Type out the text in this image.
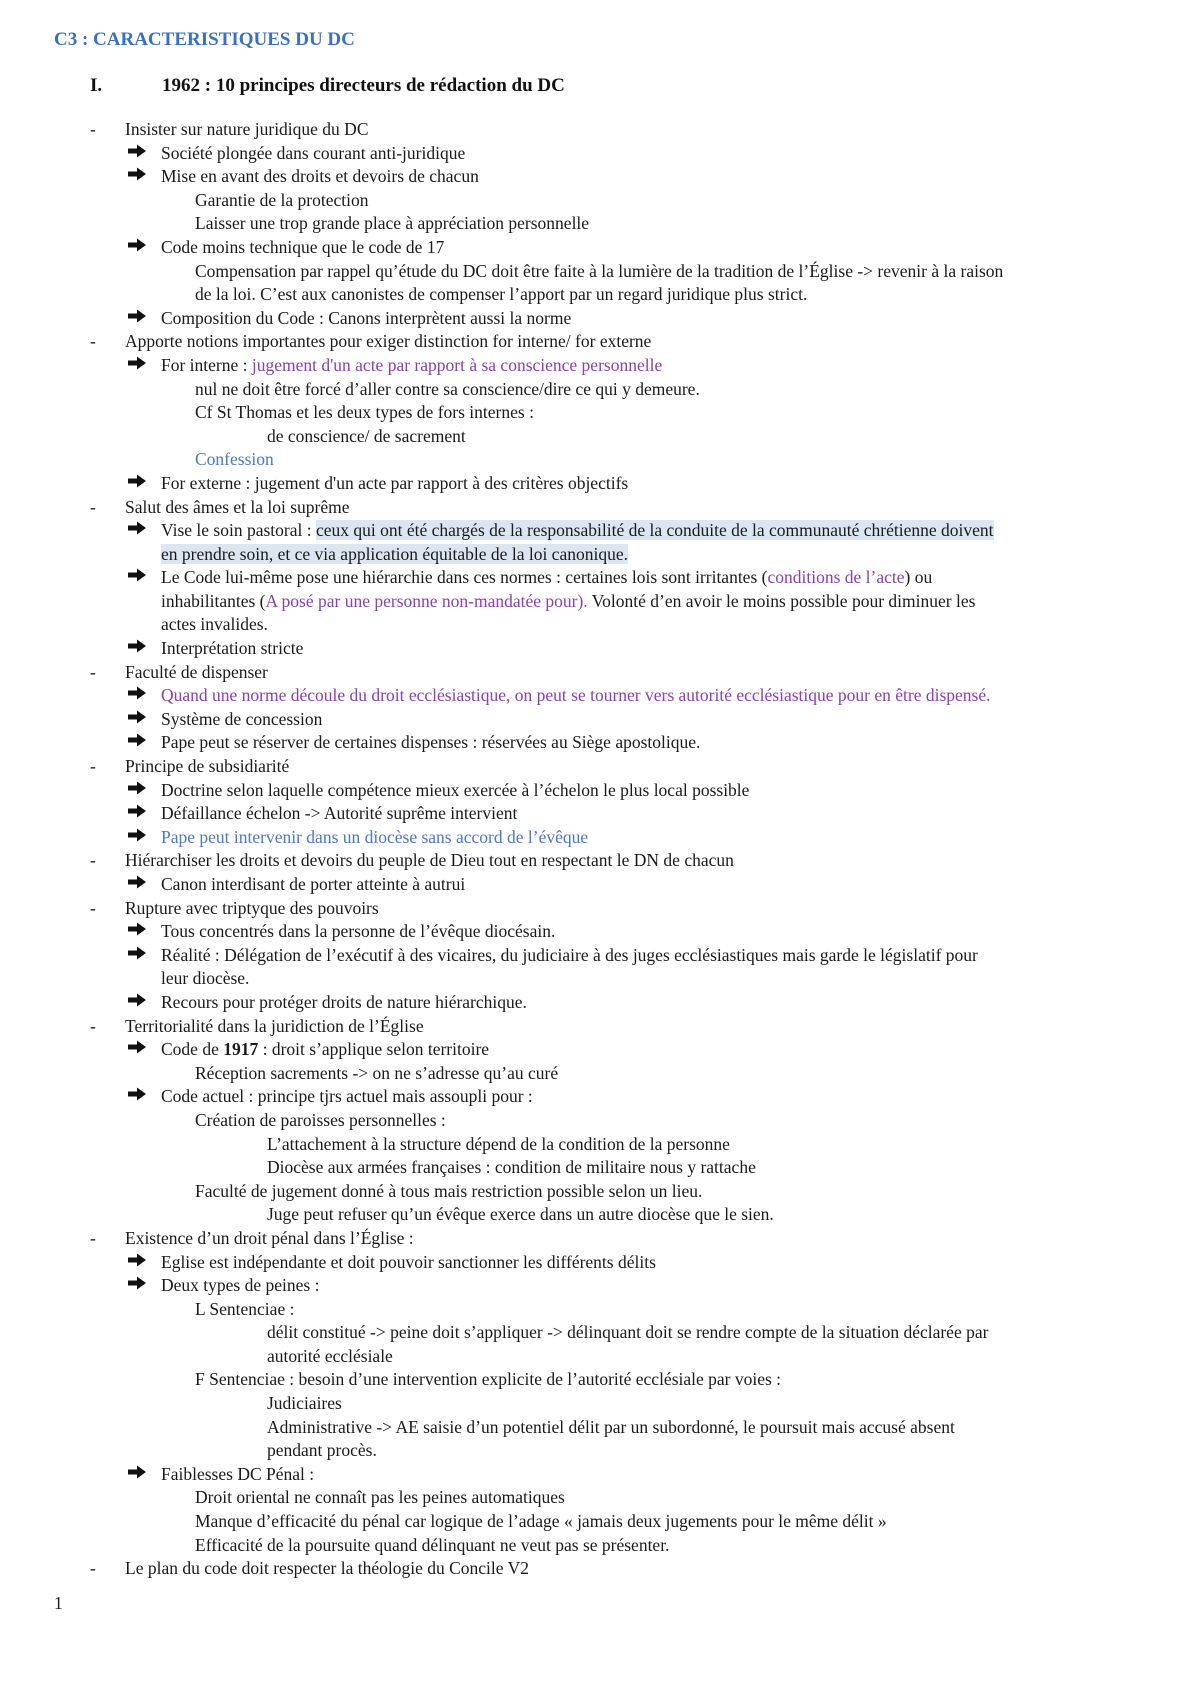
C3 : CARACTERISTIQUES DU DC
I.	1962 : 10 principes directeurs de rédaction du DC
- Insister sur nature juridique du DC
Société plongée dans courant anti-juridique
Mise en avant des droits et devoirs de chacun
Garantie de la protection
Laisser une trop grande place à appréciation personnelle
Code moins technique que le code de 17
Compensation par rappel qu’étude du DC doit être faite à la lumière de la tradition de l’Église -> revenir à la raison
de la loi. C’est aux canonistes de compenser l’apport par un regard juridique plus strict.
Composition du Code : Canons interprètent aussi la norme
- Apporte notions importantes pour exiger distinction for interne/ for externe
For interne : jugement d'un acte par rapport à sa conscience personnelle
nul ne doit être forcé d’aller contre sa conscience/dire ce qui y demeure.
Cf St Thomas et les deux types de fors internes :
de conscience/ de sacrement
Confession
For externe : jugement d'un acte par rapport à des critères objectifs
- Salut des âmes et la loi suprême
Vise le soin pastoral : ceux qui ont été chargés de la responsabilité de la conduite de la communauté chrétienne doivent
en prendre soin, et ce via application équitable de la loi canonique.
Le Code lui-même pose une hiérarchie dans ces normes : certaines lois sont irritantes (conditions de l’acte) ou
inhabilitantes (A posé par une personne non-mandatée pour). Volonté d’en avoir le moins possible pour diminuer les
actes invalides.
Interprétation stricte
- Faculté de dispenser
Quand une norme découle du droit ecclésiastique, on peut se tourner vers autorité ecclésiastique pour en être dispensé.
Système de concession
Pape peut se réserver de certaines dispenses : réservées au Siège apostolique.
- Principe de subsidiarité
Doctrine selon laquelle compétence mieux exercée à l’échelon le plus local possible
Défaillance échelon -> Autorité suprême intervient
Pape peut intervenir dans un diocèse sans accord de l’évêque
- Hiérarchiser les droits et devoirs du peuple de Dieu tout en respectant le DN de chacun
Canon interdisant de porter atteinte à autrui
- Rupture avec triptyque des pouvoirs
Tous concentrés dans la personne de l’évêque diocésain.
Réalité : Délégation de l’exécutif à des vicaires, du judiciaire à des juges ecclésiastiques mais garde le législatif pour
leur diocèse.
Recours pour protéger droits de nature hiérarchique.
- Territorialité dans la juridiction de l’Église
Code de 1917 : droit s’applique selon territoire
Réception sacrements -> on ne s’adresse qu’au curé
Code actuel : principe tjrs actuel mais assoupli pour :
Création de paroisses personnelles :
L’attachement à la structure dépend de la condition de la personne
Diocèse aux armées françaises : condition de militaire nous y rattache
Faculté de jugement donné à tous mais restriction possible selon un lieu.
Juge peut refuser qu’un évêque exerce dans un autre diocèse que le sien.
- Existence d’un droit pénal dans l’Église :
Eglise est indépendante et doit pouvoir sanctionner les différents délits
Deux types de peines :
L Sentenciae :
délit constitué -> peine doit s’appliquer -> délinquant doit se rendre compte de la situation déclarée par
autorité ecclésiale
F Sentenciae : besoin d’une intervention explicite de l’autorité ecclésiale par voies :
Judiciaires
Administrative -> AE saisie d’un potentiel délit par un subordonné, le poursuit mais accusé absent
pendant procès.
Faiblesses DC Pénal :
Droit oriental ne connaît pas les peines automatiques
Manque d’efficacité du pénal car logique de l’adage « jamais deux jugements pour le même délit »
Efficacité de la poursuite quand délinquant ne veut pas se présenter.
- Le plan du code doit respecter la théologie du Concile V2
1
